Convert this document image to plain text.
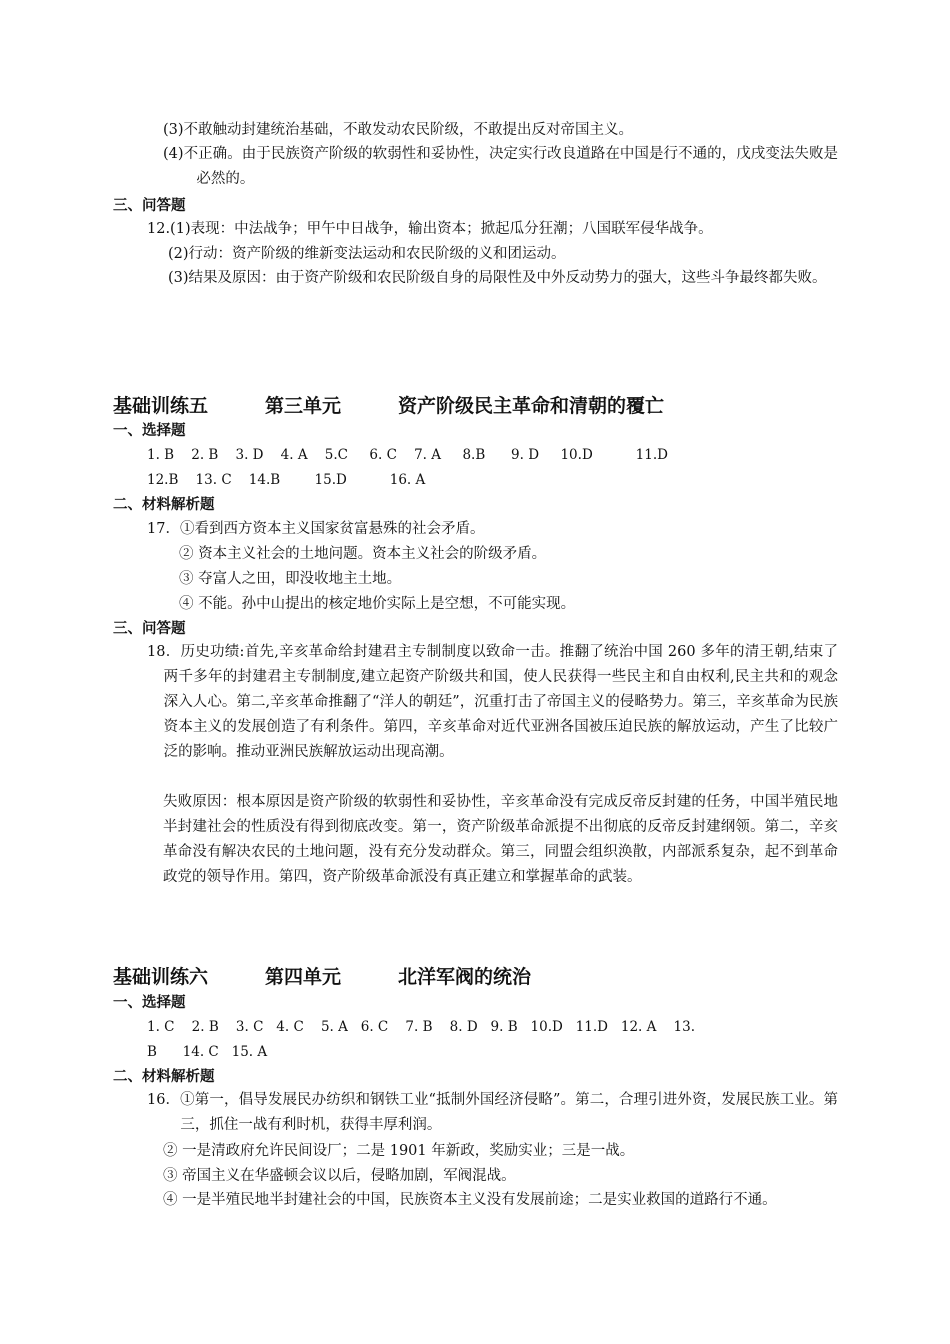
(3)不敢触动封建统治基础，不敢发动农民阶级，不敢提出反对帝国主义。
(4)不正确。由于民族资产阶级的软弱性和妥协性，决定实行改良道路在中国是行不通的，戊戌变法失败是必然的。
三、问答题
12.(1)表现：中法战争；甲午中日战争，输出资本；掀起瓜分狂潮；八国联军侵华战争。
(2)行动：资产阶级的维新变法运动和农民阶级的义和团运动。
(3)结果及原因：由于资产阶级和农民阶级自身的局限性及中外反动势力的强大，这些斗争最终都失败。
基础训练五　　　第三单元　　　资产阶级民主革命和清朝的覆亡
一、选择题
1. B    2. B    3. D    4. A    5.C     6. C    7. A     8.B      9. D     10.D          11.D
12.B    13. C    14.B        15.D          16. A
二、材料解析题
17．①看到西方资本主义国家贫富悬殊的社会矛盾。
② 资本主义社会的土地问题。资本主义社会的阶级矛盾。
③ 夺富人之田，即没收地主土地。
④ 不能。孙中山提出的核定地价实际上是空想，不可能实现。
三、问答题
18．历史功绩:首先,辛亥革命给封建君主专制制度以致命一击。推翻了统治中国 260 多年的清王朝,结束了两千多年的封建君主专制制度,建立起资产阶级共和国，使人民获得一些民主和自由权利,民主共和的观念深入人心。第二,辛亥革命推翻了“洋人的朝廷”，沉重打击了帝国主义的侵略势力。第三，辛亥革命为民族资本主义的发展创造了有利条件。第四，辛亥革命对近代亚洲各国被压迫民族的解放运动，产生了比较广泛的影响。推动亚洲民族解放运动出现高潮。
失败原因：根本原因是资产阶级的软弱性和妥协性，辛亥革命没有完成反帝反封建的任务，中国半殖民地半封建社会的性质没有得到彻底改变。第一，资产阶级革命派提不出彻底的反帝反封建纲领。第二，辛亥革命没有解决农民的土地问题，没有充分发动群众。第三，同盟会组织涣散，内部派系复杂，起不到革命政党的领导作用。第四，资产阶级革命派没有真正建立和掌握革命的武装。
基础训练六　　　第四单元　　　北洋军阀的统治
一、选择题
1. C    2. B    3. C   4. C    5. A   6. C    7. B    8. D   9. B   10.D   11.D   12. A    13.
B      14. C   15. A
二、材料解析题
16．①第一，倡导发展民办纺织和钢铁工业“抵制外国经济侵略”。第二，合理引进外资，发展民族工业。第三，抓住一战有利时机，获得丰厚利润。
② 一是清政府允许民间设厂；二是 1901 年新政，奖励实业；三是一战。
③ 帝国主义在华盛顿会议以后，侵略加剧，军阀混战。
④ 一是半殖民地半封建社会的中国，民族资本主义没有发展前途；二是实业救国的道路行不通。
